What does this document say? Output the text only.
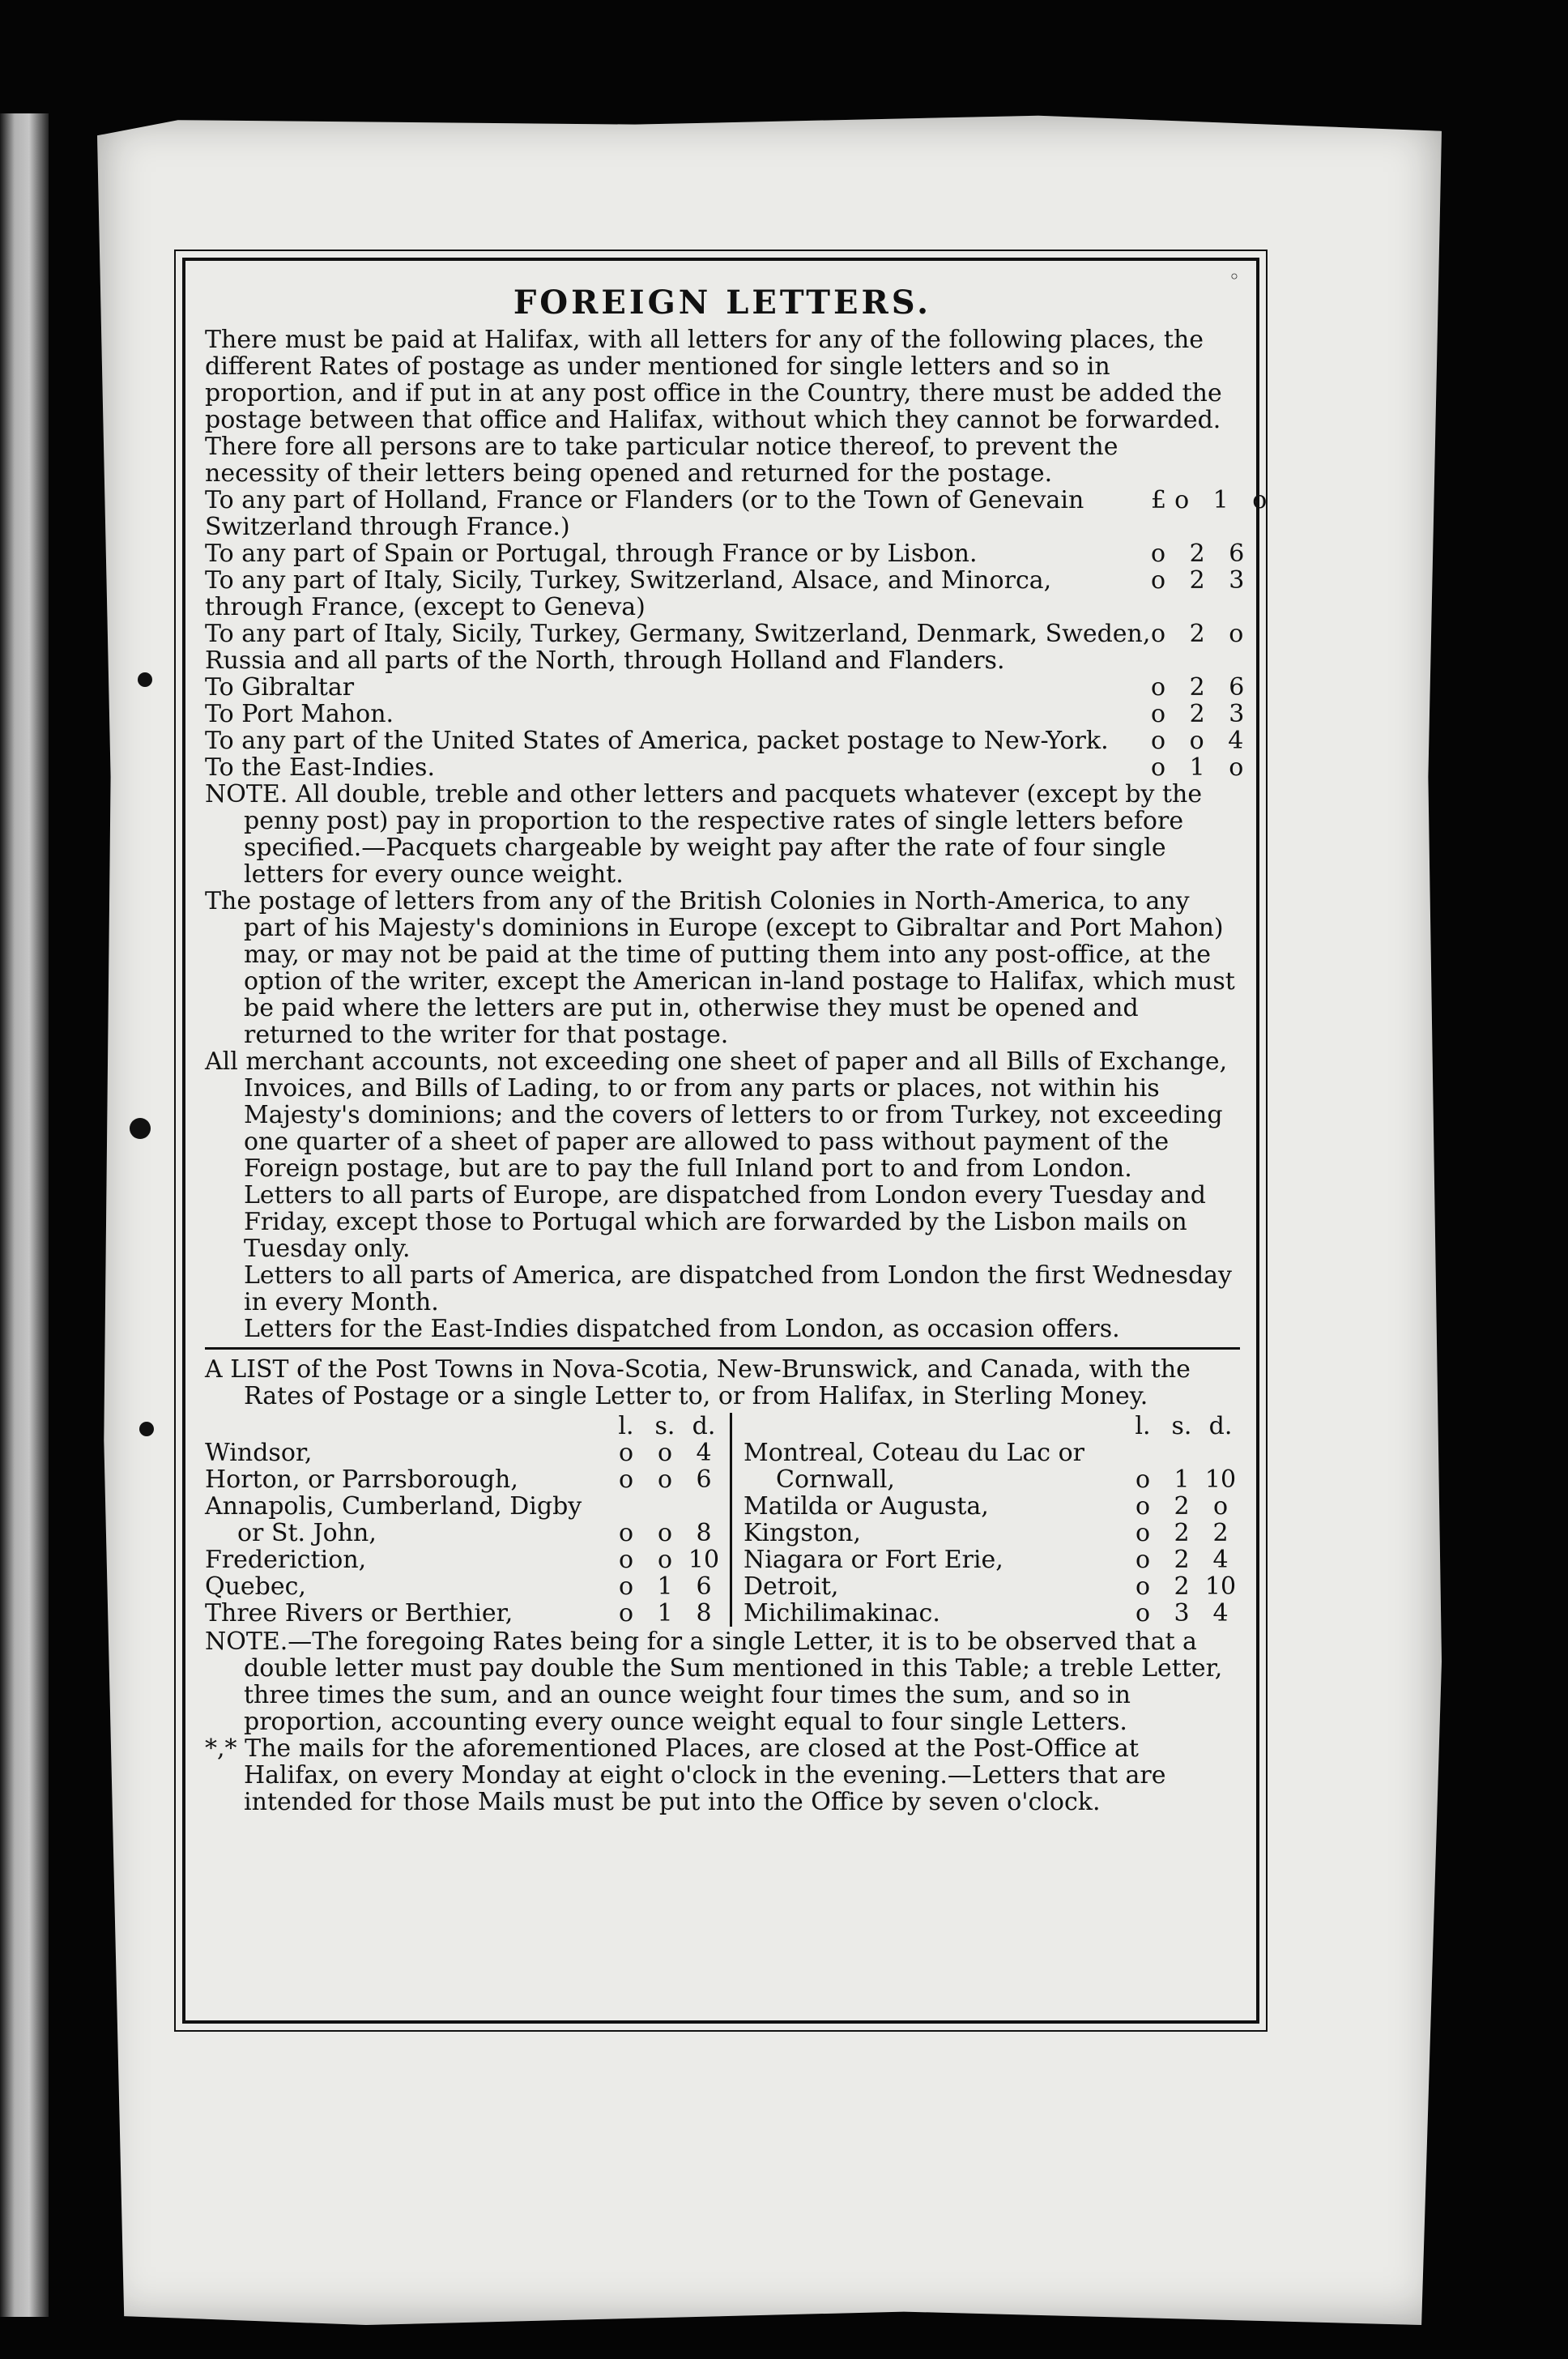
◦
FOREIGN LETTERS.

There must be paid at Halifax, with all letters for any of the following places, the different Rates of postage as under mentioned for single letters and so in proportion, and if put in at any post office in the Country, there must be added the postage between that office and Halifax, without which they cannot be forwarded. There fore all persons are to take particular notice thereof, to prevent the necessity of their letters being opened and returned for the postage.

To any part of Holland, France or Flanders (or to the Town of Genevain Switzerland through France.)
£o 1 o
To any part of Spain or Portugal, through France or by Lisbon.	o 2 6
To any part of Italy, Sicily, Turkey, Switzerland, Alsace, and Minorca, through France, (except to Geneva)
o 2 3
To any part of Italy, Sicily, Turkey, Germany, Switzerland, Denmark, Sweden, Russia and all parts of the North, through Holland and Flanders.
o 2 o
To Gibraltar	o 2 6
To Port Mahon.	o 2 3
To any part of the United States of America, packet postage to New-York.	o o 4
To the East-Indies.	o 1 o

NOTE. All double, treble and other letters and pacquets whatever (except by the penny post) pay in proportion to the respective rates of single letters before specified.—Pacquets chargeable by weight pay after the rate of four single letters for every ounce weight.

The postage of letters from any of the British Colonies in North-America, to any part of his Majesty's dominions in Europe (except to Gibraltar and Port Mahon) may, or may not be paid at the time of putting them into any post-office, at the option of the writer, except the American in-land postage to Halifax, which must be paid where the letters are put in, otherwise they must be opened and returned to the writer for that postage.

All merchant accounts, not exceeding one sheet of paper and all Bills of Exchange, Invoices, and Bills of Lading, to or from any parts or places, not within his Majesty's dominions; and the covers of letters to or from Turkey, not exceeding one quarter of a sheet of paper are allowed to pass without payment of the Foreign postage, but are to pay the full Inland port to and from London.

Letters to all parts of Europe, are dispatched from London every Tuesday and Friday, except those to Portugal which are forwarded by the Lisbon mails on Tuesday only.

Letters to all parts of America, are dispatched from London the first Wednesday in every Month.

Letters for the East-Indies dispatched from London, as occasion offers.

A LIST of the Post Towns in Nova-Scotia, New-Brunswick, and Canada, with the Rates of Postage or a single Letter to, or from Halifax, in Sterling Money.

l. s. d.
Windsor,	o o 4
Horton, or Parrsborough,	o o 6
Annapolis, Cumberland, Digby
or St. John,	o o 8
Frederiction,	o o 10
Quebec,	o 1 6
Three Rivers or Berthier,	o 1 8
l. s. d.
Montreal, Coteau du Lac or
Cornwall,	o 1 10
Matilda or Augusta,	o 2 o
Kingston,	o 2 2
Niagara or Fort Erie,	o 2 4
Detroit,	o 2 10
Michilimakinac.	o 3 4

NOTE.—The foregoing Rates being for a single Letter, it is to be observed that a double letter must pay double the Sum mentioned in this Table; a treble Letter, three times the sum, and an ounce weight four times the sum, and so in proportion, accounting every ounce weight equal to four single Letters.

*,* The mails for the aforementioned Places, are closed at the Post-Office at Halifax, on every Monday at eight o'clock in the evening.—Letters that are intended for those Mails must be put into the Office by seven o'clock.
